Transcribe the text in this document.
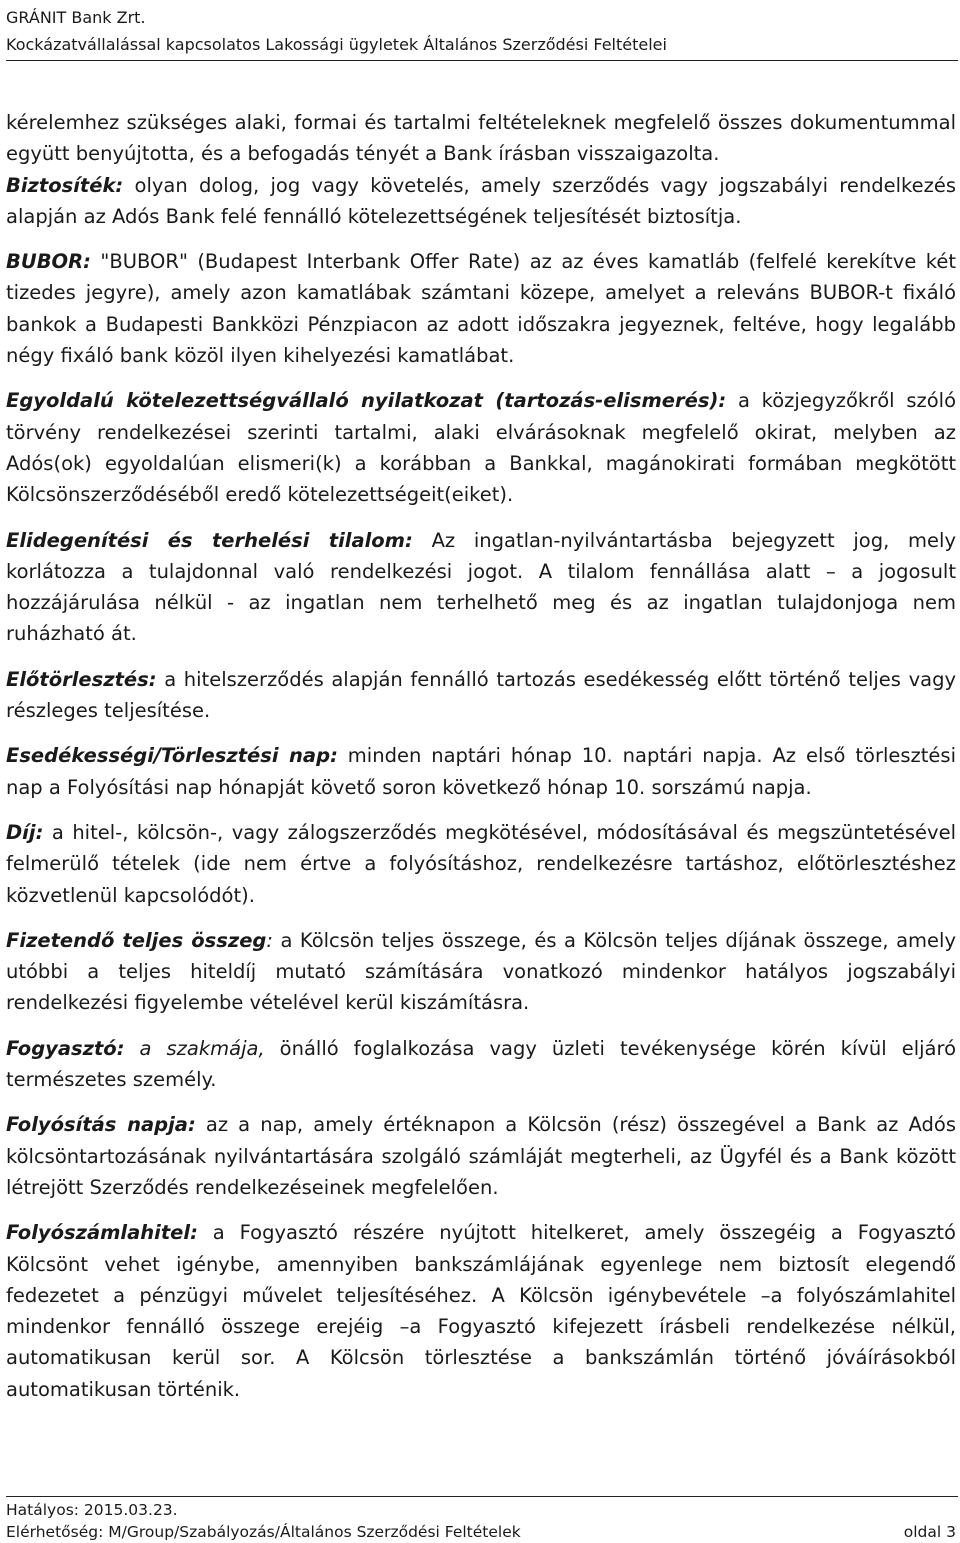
GRÁNIT Bank Zrt.
Kockázatvállalással kapcsolatos Lakossági ügyletek Általános Szerződési Feltételei

kérelemhez szükséges alaki, formai és tartalmi feltételeknek megfelelő összes dokumentummal együtt benyújtotta, és a befogadás tényét a Bank írásban visszaigazolta.

Biztosíték: olyan dolog, jog vagy követelés, amely szerződés vagy jogszabályi rendelkezés alapján az Adós Bank felé fennálló kötelezettségének teljesítését biztosítja.

BUBOR: "BUBOR" (Budapest Interbank Offer Rate) az az éves kamatláb (felfelé kerekítve két tizedes jegyre), amely azon kamatlábak számtani közepe, amelyet a releváns BUBOR-t fixáló bankok a Budapesti Bankközi Pénzpiacon az adott időszakra jegyeznek, feltéve, hogy legalább négy fixáló bank közöl ilyen kihelyezési kamatlábat.

Egyoldalú kötelezettségvállaló nyilatkozat (tartozás-elismerés): a közjegyzőkről szóló törvény rendelkezései szerinti tartalmi, alaki elvárásoknak megfelelő okirat, melyben az Adós(ok) egyoldalúan elismeri(k) a korábban a Bankkal, magánokirati formában megkötött Kölcsönszerződéséből eredő kötelezettségeit(eiket).

Elidegenítési és terhelési tilalom: Az ingatlan-nyilvántartásba bejegyzett jog, mely korlátozza a tulajdonnal való rendelkezési jogot. A tilalom fennállása alatt – a jogosult hozzájárulása nélkül - az ingatlan nem terhelhető meg és az ingatlan tulajdonjoga nem ruházható át.

Előtörlesztés: a hitelszerződés alapján fennálló tartozás esedékesség előtt történő teljes vagy részleges teljesítése.

Esedékességi/Törlesztési nap: minden naptári hónap 10. naptári napja. Az első törlesztési nap a Folyósítási nap hónapját követő soron következő hónap 10. sorszámú napja.

Díj: a hitel-, kölcsön-, vagy zálogszerződés megkötésével, módosításával és megszüntetésével felmerülő tételek (ide nem értve a folyósításhoz, rendelkezésre tartáshoz, előtörlesztéshez közvetlenül kapcsolódót).

Fizetendő teljes összeg: a Kölcsön teljes összege, és a Kölcsön teljes díjának összege, amely utóbbi a teljes hiteldíj mutató számítására vonatkozó mindenkor hatályos jogszabályi rendelkezési figyelembe vételével kerül kiszámításra.

Fogyasztó: a szakmája, önálló foglalkozása vagy üzleti tevékenysége körén kívül eljáró természetes személy.

Folyósítás napja: az a nap, amely értéknapon a Kölcsön (rész) összegével a Bank az Adós kölcsöntartozásának nyilvántartására szolgáló számláját megterheli, az Ügyfél és a Bank között létrejött Szerződés rendelkezéseinek megfelelően.

Folyószámlahitel: a Fogyasztó részére nyújtott hitelkeret, amely összegéig a Fogyasztó Kölcsönt vehet igénybe, amennyiben bankszámlájának egyenlege nem biztosít elegendő fedezetet a pénzügyi művelet teljesítéséhez. A Kölcsön igénybevétele –a folyószámlahitel mindenkor fennálló összege erejéig –a Fogyasztó kifejezett írásbeli rendelkezése nélkül, automatikusan kerül sor. A Kölcsön törlesztése a bankszámlán történő jóváírásokból automatikusan történik.

Hatályos: 2015.03.23.
Elérhetőség: M/Group/Szabályozás/Általános Szerződési Feltételek	oldal 3
